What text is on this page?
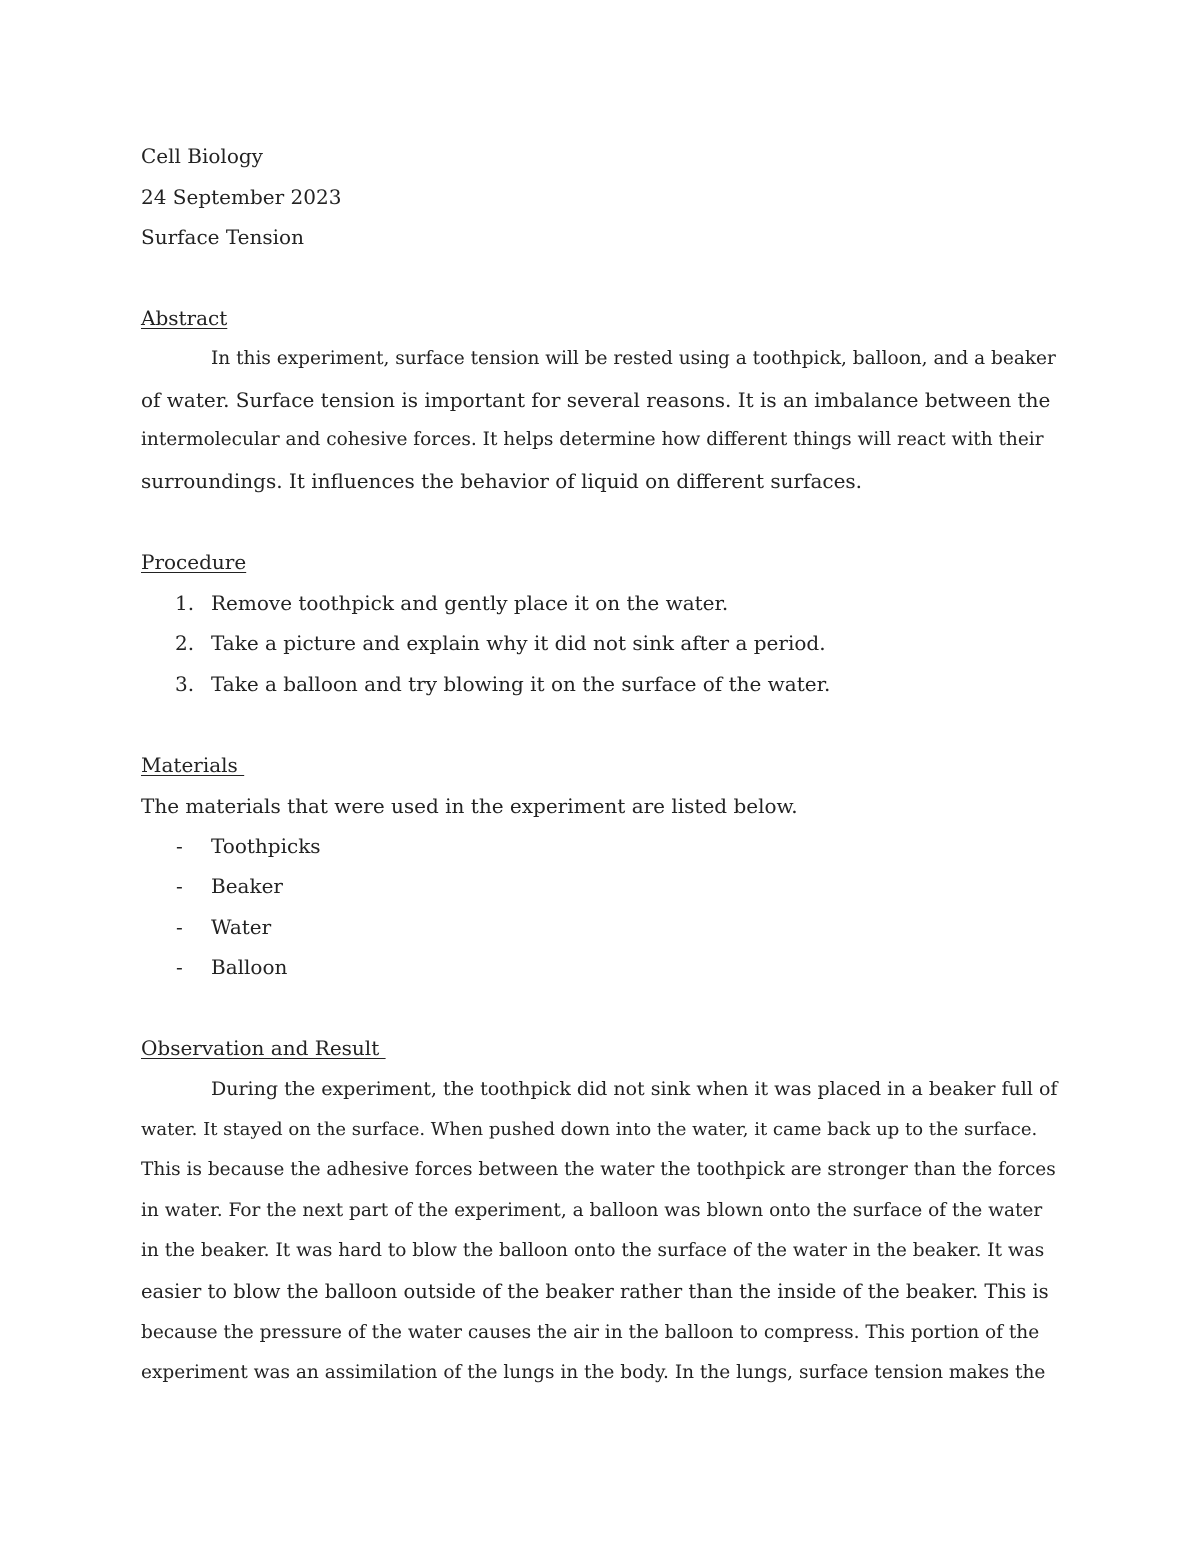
Cell Biology
24 September 2023
Surface Tension
Abstract
In this experiment, surface tension will be rested using a toothpick, balloon, and a beaker
of water. Surface tension is important for several reasons. It is an imbalance between the
intermolecular and cohesive forces. It helps determine how different things will react with their
surroundings. It influences the behavior of liquid on different surfaces.
Procedure
1. Remove toothpick and gently place it on the water.
2. Take a picture and explain why it did not sink after a period.
3. Take a balloon and try blowing it on the surface of the water.
Materials
The materials that were used in the experiment are listed below.
- Toothpicks
- Beaker
- Water
- Balloon
Observation and Result
During the experiment, the toothpick did not sink when it was placed in a beaker full of
water. It stayed on the surface. When pushed down into the water, it came back up to the surface.
This is because the adhesive forces between the water the toothpick are stronger than the forces
in water. For the next part of the experiment, a balloon was blown onto the surface of the water
in the beaker. It was hard to blow the balloon onto the surface of the water in the beaker. It was
easier to blow the balloon outside of the beaker rather than the inside of the beaker. This is
because the pressure of the water causes the air in the balloon to compress. This portion of the
experiment was an assimilation of the lungs in the body. In the lungs, surface tension makes the
